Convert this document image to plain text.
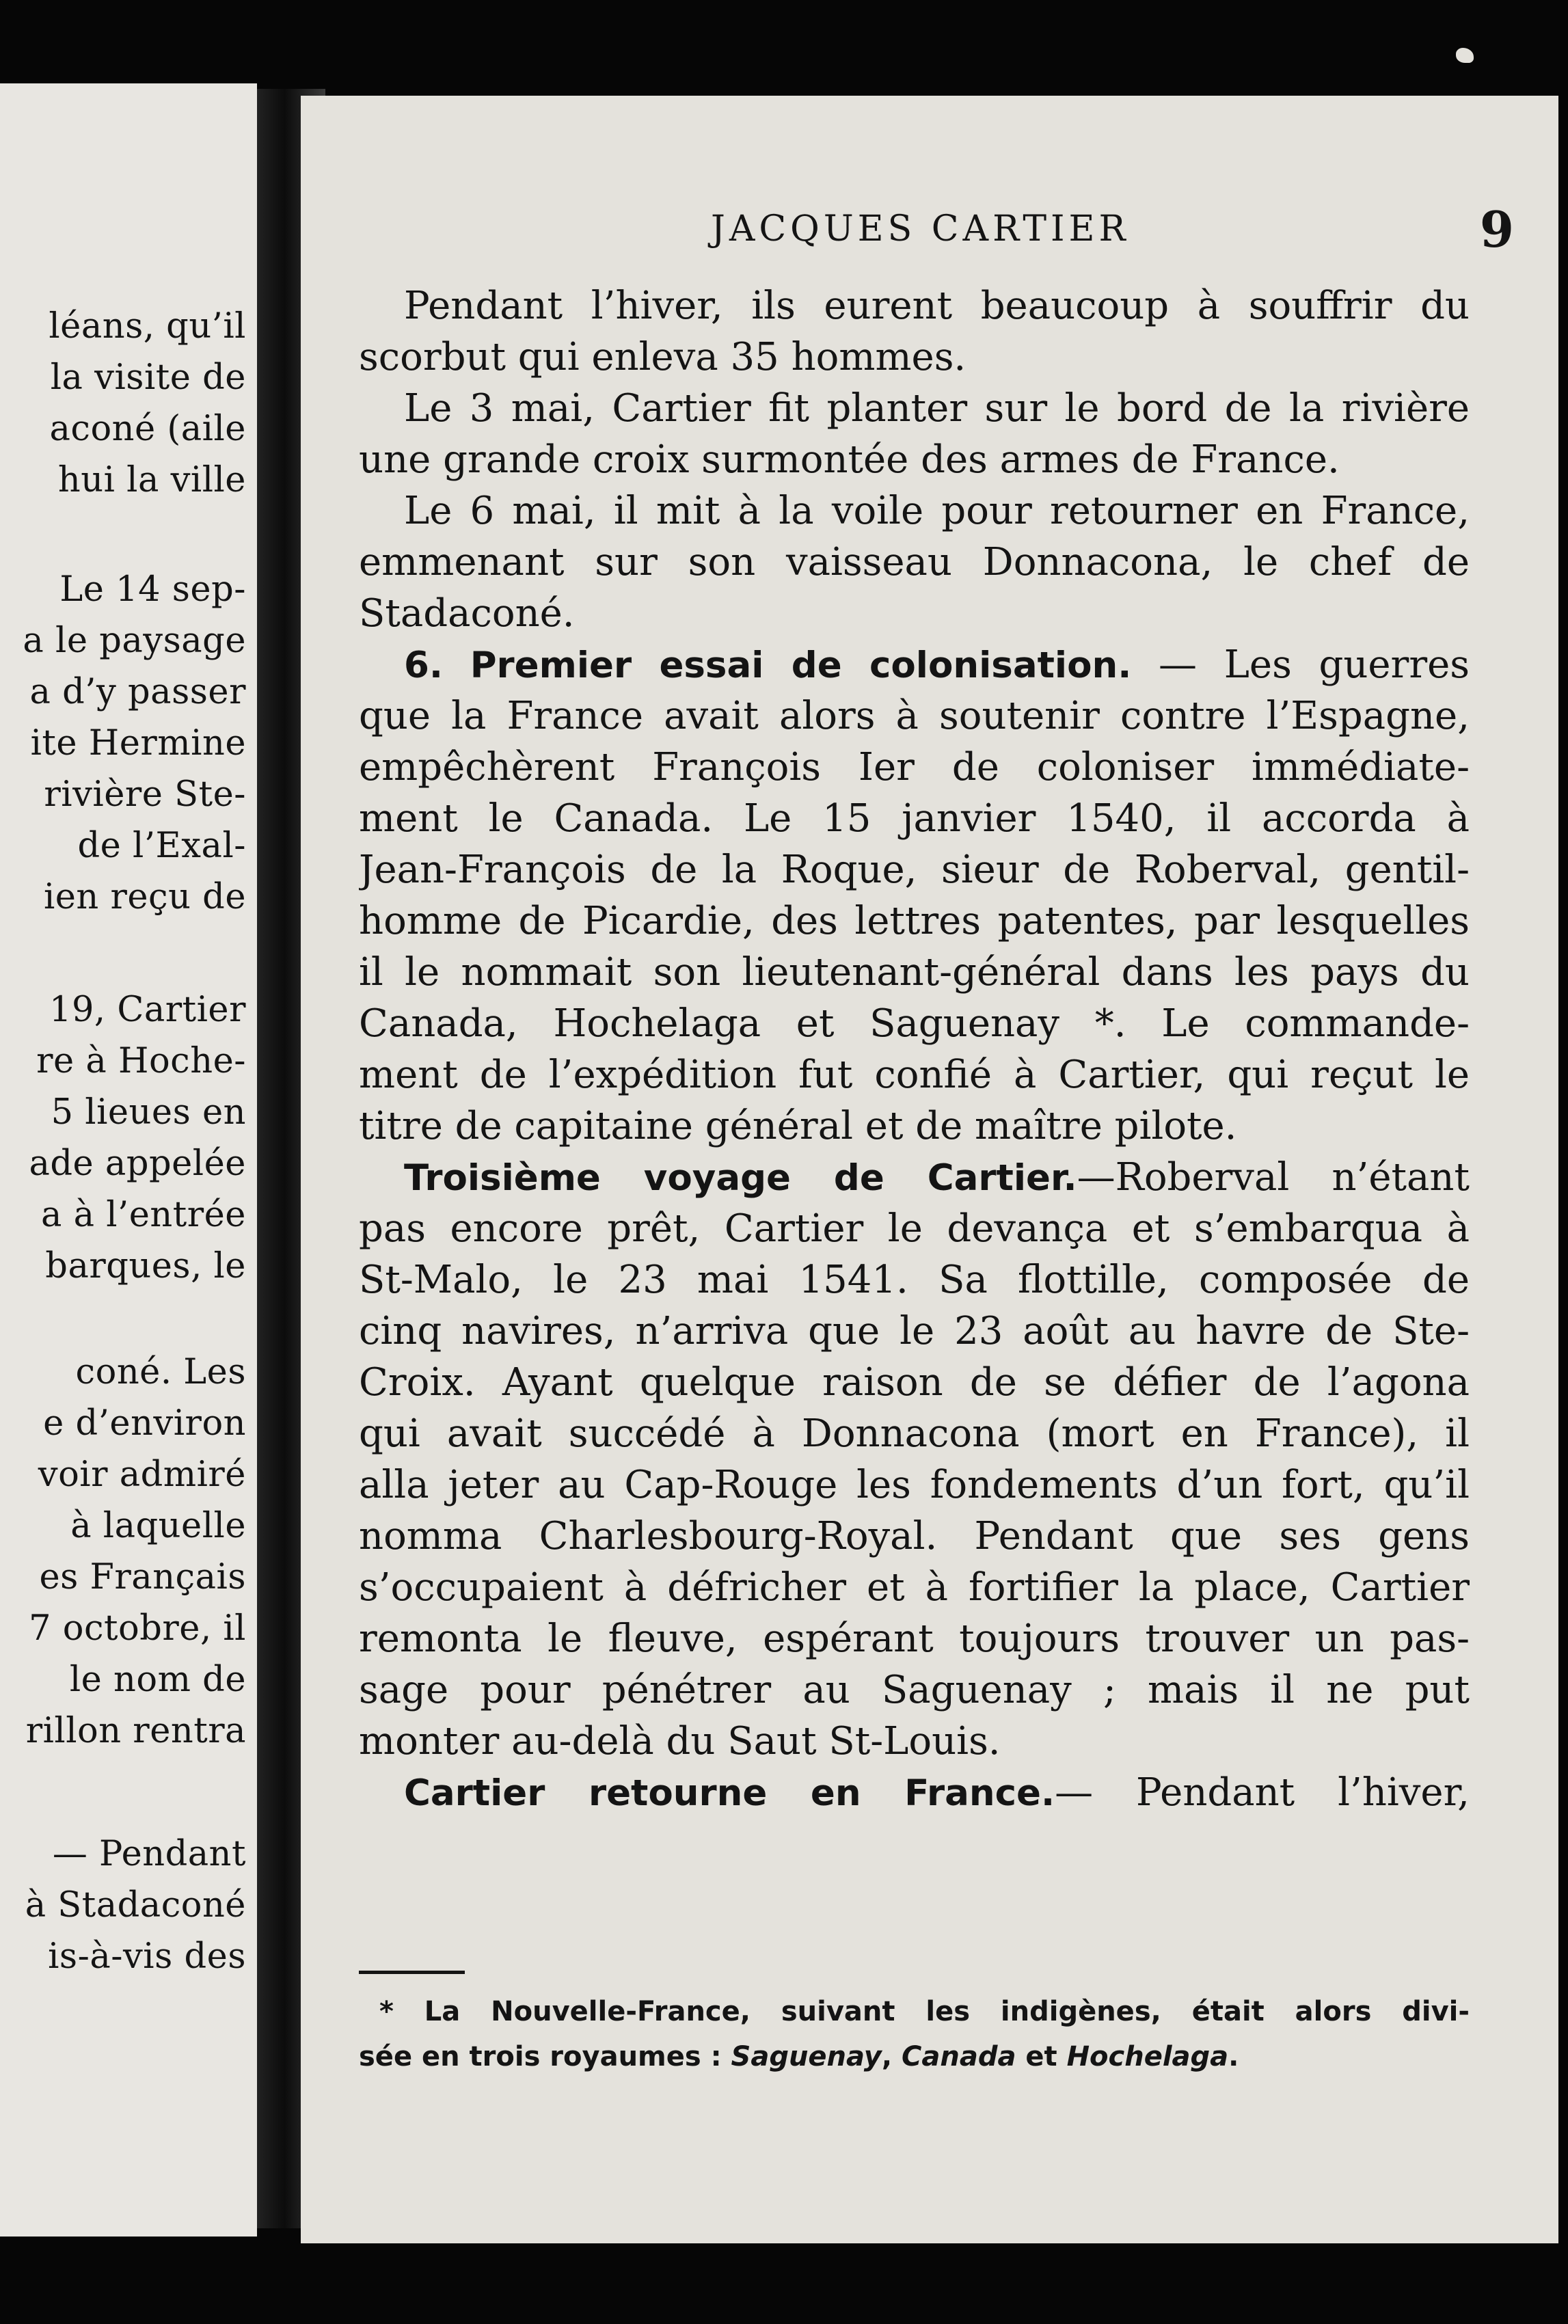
léans, qu’il
la visite de
aconé (aile
hui la ville
Le 14 sep-
a le paysage
a d’y passer
ite Hermine
rivière Ste-
de l’Exal-
ien reçu de
19, Cartier
re à Hoche-
5 lieues en
ade appelée
a à l’entrée
barques, le
coné. Les
e d’environ
voir admiré
à laquelle
es Français
7 octobre, il
le nom de
rillon rentra
— Pendant
à Stadaconé
is-à-vis des
JACQUES CARTIER	9
Pendant l’hiver, ils eurent beaucoup à souffrir du
scorbut qui enleva 35 hommes.
Le 3 mai, Cartier fit planter sur le bord de la rivière
une grande croix surmontée des armes de France.
Le 6 mai, il mit à la voile pour retourner en France,
emmenant sur son vaisseau Donnacona, le chef de
Stadaconé.
6. Premier essai de colonisation. — Les guerres
que la France avait alors à soutenir contre l’Espagne,
empêchèrent François Ier de coloniser immédiate-
ment le Canada. Le 15 janvier 1540, il accorda à
Jean-François de la Roque, sieur de Roberval, gentil-
homme de Picardie, des lettres patentes, par lesquelles
il le nommait son lieutenant-général dans les pays du
Canada, Hochelaga et Saguenay *. Le commande-
ment de l’expédition fut confié à Cartier, qui reçut le
titre de capitaine général et de maître pilote.
Troisième voyage de Cartier.—Roberval n’étant
pas encore prêt, Cartier le devança et s’embarqua à
St-Malo, le 23 mai 1541. Sa flottille, composée de
cinq navires, n’arriva que le 23 août au havre de Ste-
Croix. Ayant quelque raison de se défier de l’agona
qui avait succédé à Donnacona (mort en France), il
alla jeter au Cap-Rouge les fondements d’un fort, qu’il
nomma Charlesbourg-Royal. Pendant que ses gens
s’occupaient à défricher et à fortifier la place, Cartier
remonta le fleuve, espérant toujours trouver un pas-
sage pour pénétrer au Saguenay ; mais il ne put
monter au-delà du Saut St-Louis.
Cartier retourne en France.— Pendant l’hiver,
* La Nouvelle-France, suivant les indigènes, était alors divi-
sée en trois royaumes : Saguenay, Canada et Hochelaga.
